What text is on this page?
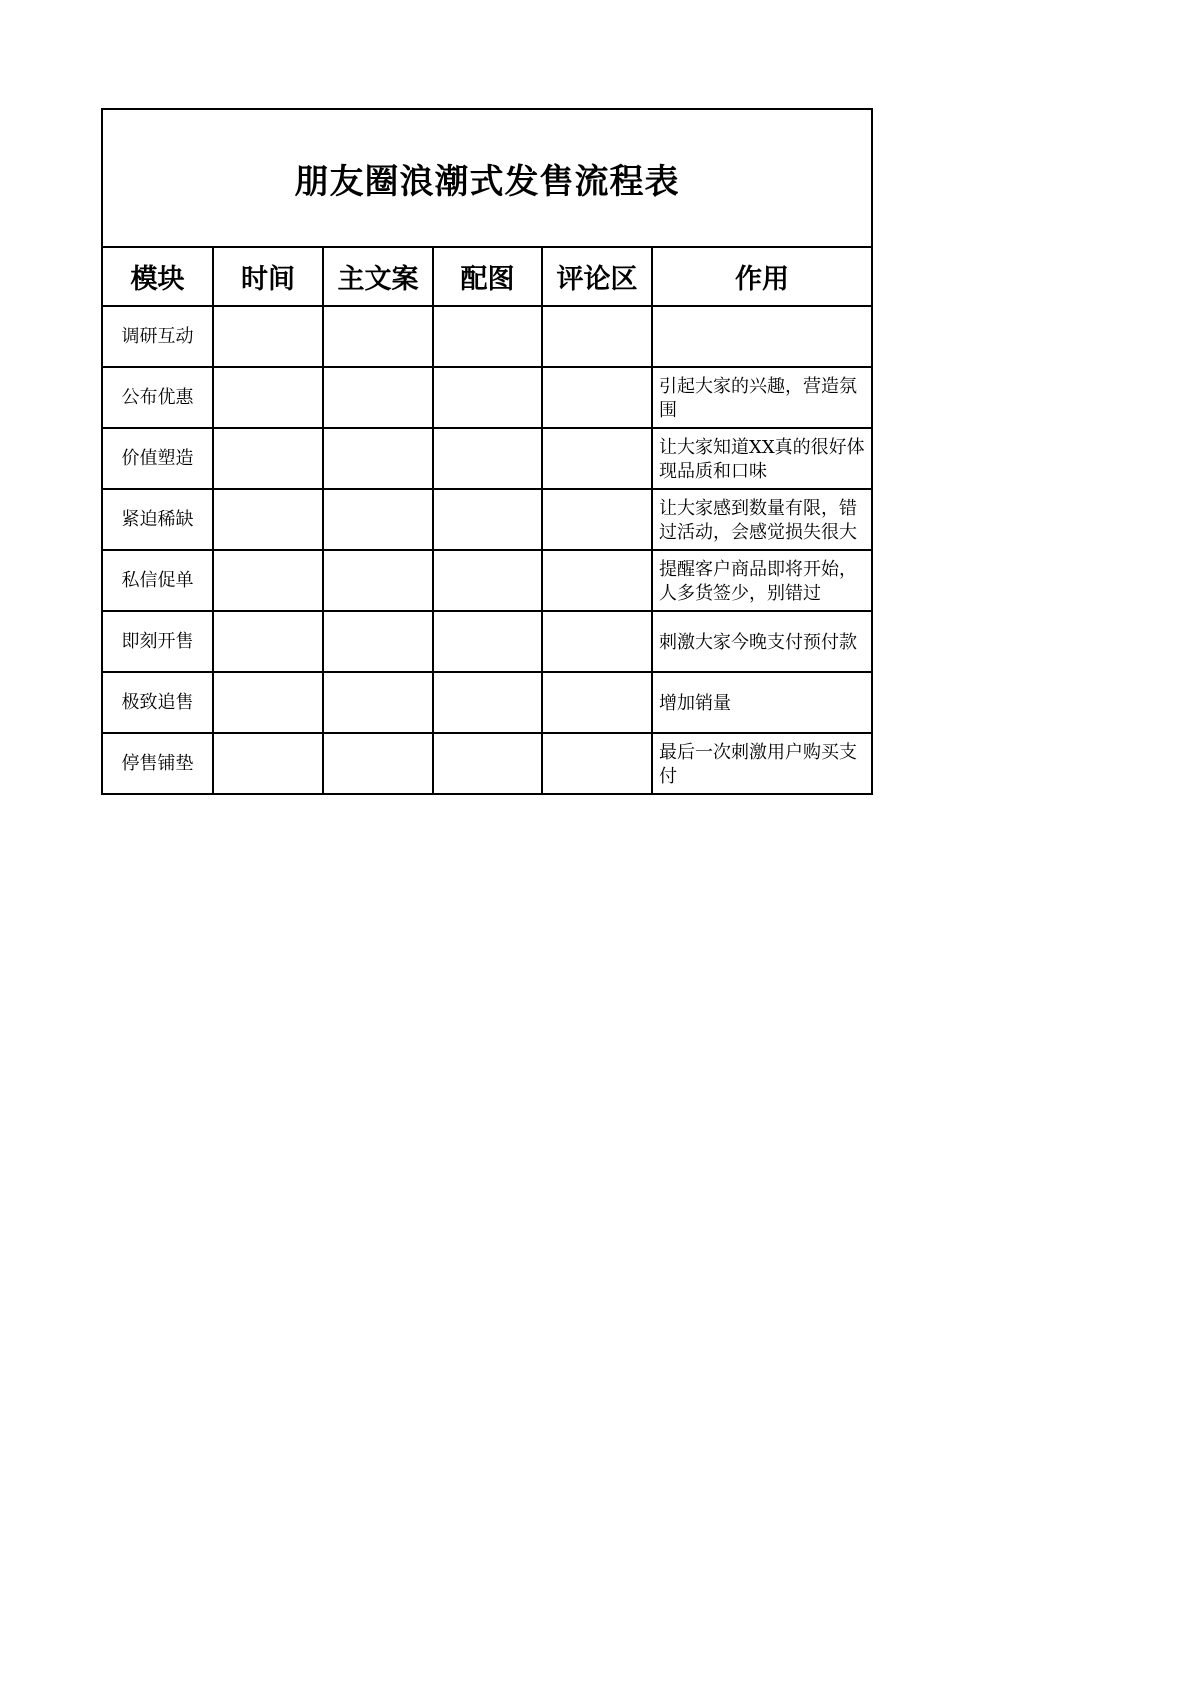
朋友圈浪潮式发售流程表					
模块	时间	主文案	配图	评论区	作用
调研互动					

公布优惠					引起大家的兴趣，营造氛围

价值塑造					让大家知道XX真的很好体现品质和口味

紧迫稀缺					让大家感到数量有限，错过活动，会感觉损失很大

私信促单					提醒客户商品即将开始，人多货签少，别错过

即刻开售					刺激大家今晚支付预付款

极致追售					增加销量

停售铺垫					最后一次刺激用户购买支付
